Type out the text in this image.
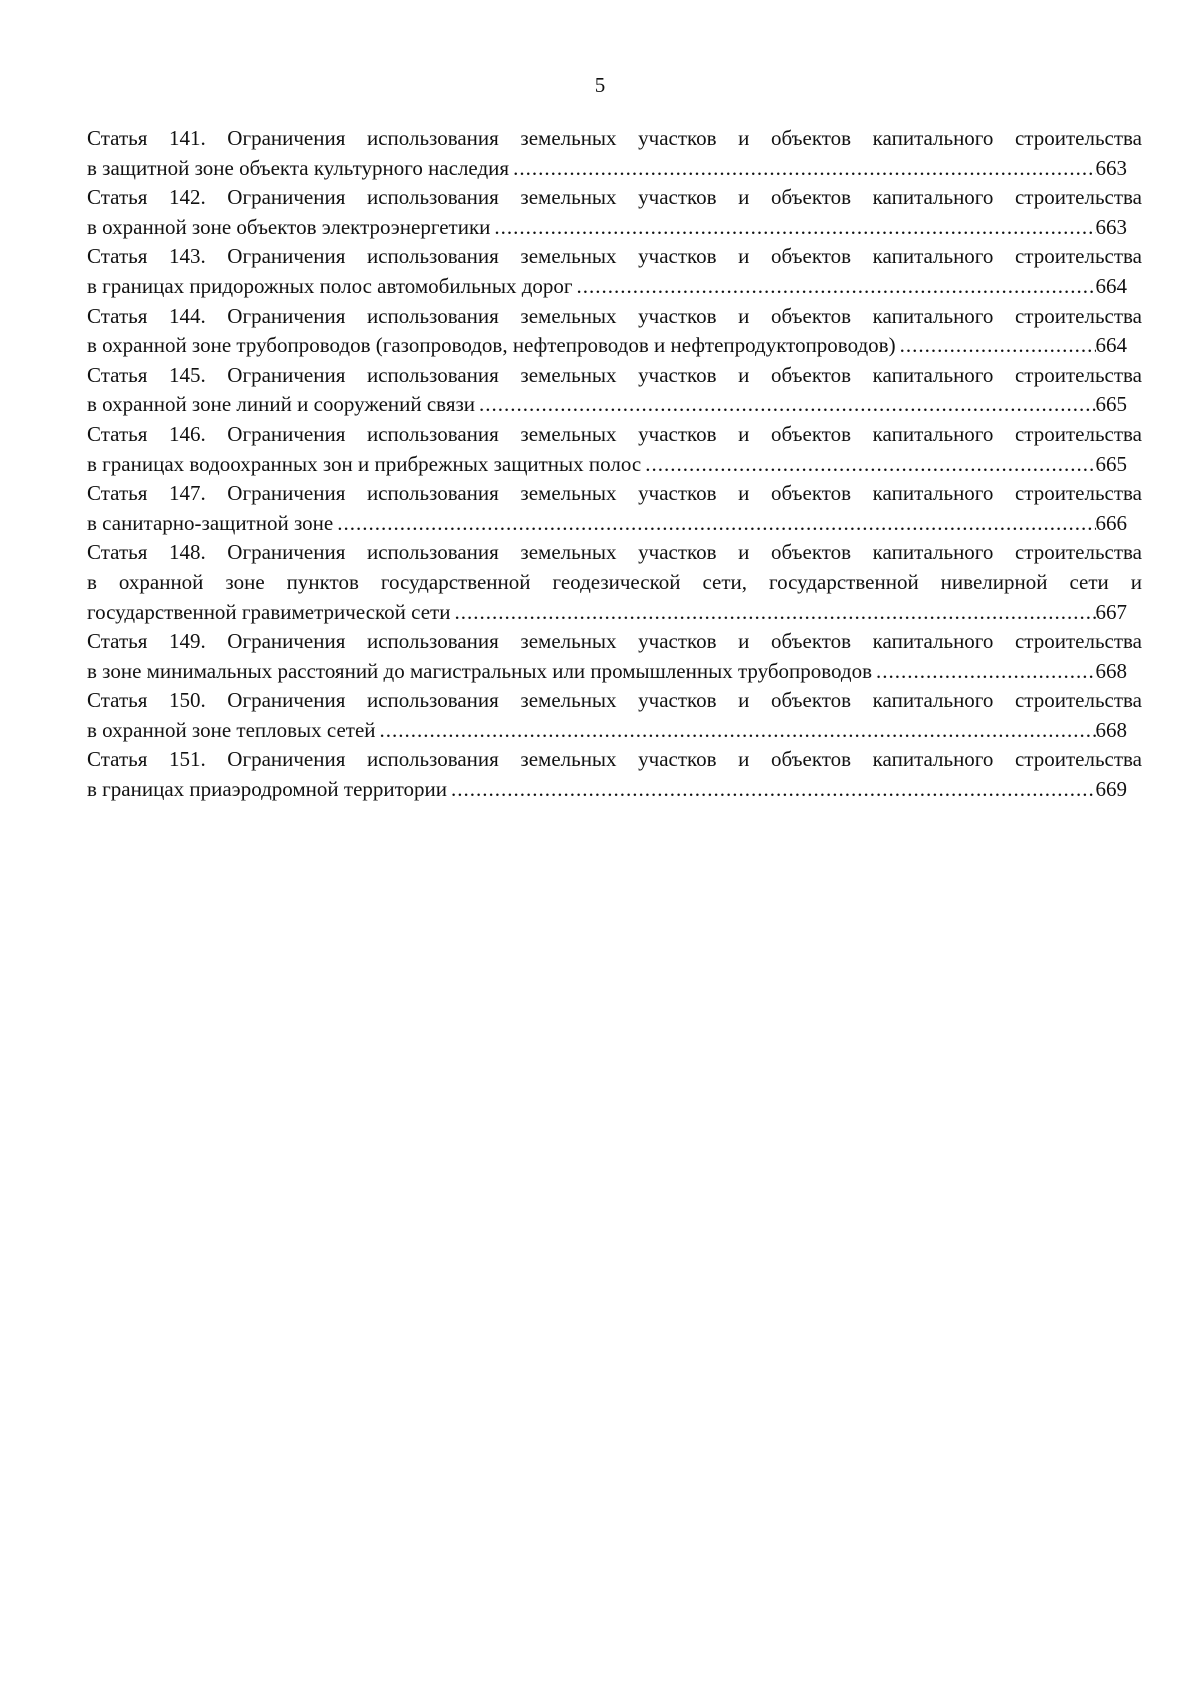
5
Статья 141. Ограничения использования земельных участков и объектов капитального строительства
в защитной зоне объекта культурного наследия .....	663
Статья 142. Ограничения использования земельных участков и объектов капитального строительства
в охранной зоне объектов электроэнергетики .....	663
Статья 143. Ограничения использования земельных участков и объектов капитального строительства
в границах придорожных полос автомобильных дорог .....	664
Статья 144. Ограничения использования земельных участков и объектов капитального строительства
в охранной зоне трубопроводов (газопроводов, нефтепроводов и нефтепродуктопроводов) .....	664
Статья 145. Ограничения использования земельных участков и объектов капитального строительства
в охранной зоне линий и сооружений связи .....	665
Статья 146. Ограничения использования земельных участков и объектов капитального строительства
в границах водоохранных зон и прибрежных защитных полос .....	665
Статья 147. Ограничения использования земельных участков и объектов капитального строительства
в санитарно-защитной зоне .....	666
Статья 148. Ограничения использования земельных участков и объектов капитального строительства
в охранной зоне пунктов государственной геодезической сети, государственной нивелирной сети и
государственной гравиметрической сети .....	667
Статья 149. Ограничения использования земельных участков и объектов капитального строительства
в зоне минимальных расстояний до магистральных или промышленных трубопроводов .....	668
Статья 150. Ограничения использования земельных участков и объектов капитального строительства
в охранной зоне тепловых сетей .....	668
Статья 151. Ограничения использования земельных участков и объектов капитального строительства
в границах приаэродромной территории .....	669
